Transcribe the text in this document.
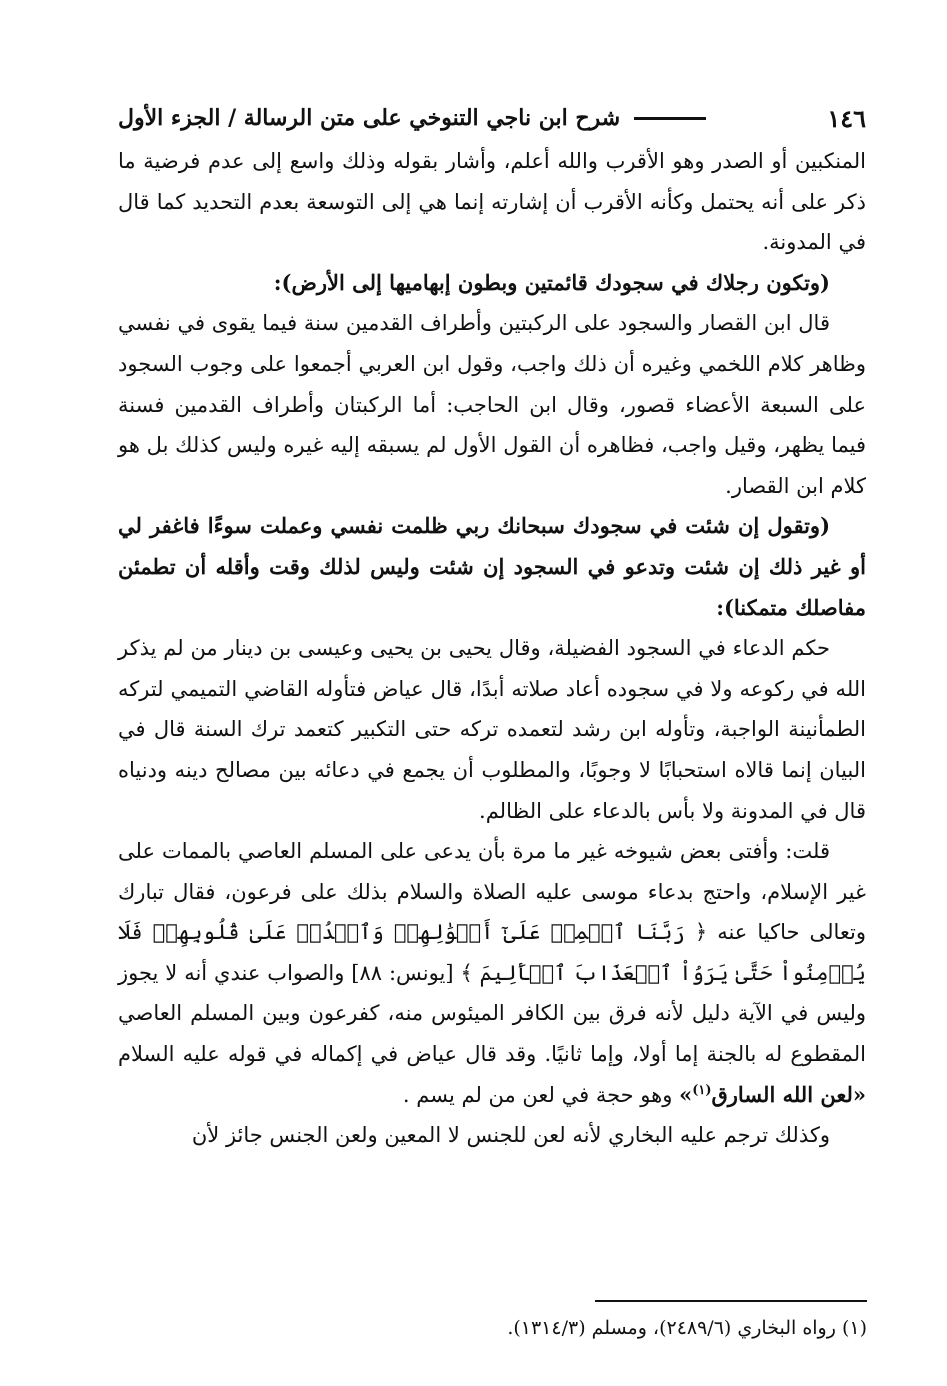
١٤٦
شرح ابن ناجي التنوخي على متن الرسالة / الجزء الأول

المنكبين أو الصدر وهو الأقرب والله أعلم، وأشار بقوله وذلك واسع إلى عدم فرضية ما ذكر على أنه يحتمل وكأنه الأقرب أن إشارته إنما هي إلى التوسعة بعدم التحديد كما قال في المدونة.

(وتكون رجلاك في سجودك قائمتين وبطون إبهاميها إلى الأرض):

قال ابن القصار والسجود على الركبتين وأطراف القدمين سنة فيما يقوى في نفسي وظاهر كلام اللخمي وغيره أن ذلك واجب، وقول ابن العربي أجمعوا على وجوب السجود على السبعة الأعضاء قصور، وقال ابن الحاجب: أما الركبتان وأطراف القدمين فسنة فيما يظهر، وقيل واجب، فظاهره أن القول الأول لم يسبقه إليه غيره وليس كذلك بل هو كلام ابن القصار.

(وتقول إن شئت في سجودك سبحانك ربي ظلمت نفسي وعملت سوءًا فاغفر لي أو غير ذلك إن شئت وتدعو في السجود إن شئت وليس لذلك وقت وأقله أن تطمئن مفاصلك متمكنا):

حكم الدعاء في السجود الفضيلة، وقال يحيى بن يحيى وعيسى بن دينار من لم يذكر الله في ركوعه ولا في سجوده أعاد صلاته أبدًا، قال عياض فتأوله القاضي التميمي لتركه الطمأنينة الواجبة، وتأوله ابن رشد لتعمده تركه حتى التكبير كتعمد ترك السنة قال في البيان إنما قالاه استحبابًا لا وجوبًا، والمطلوب أن يجمع في دعائه بين مصالح دينه ودنياه قال في المدونة ولا بأس بالدعاء على الظالم.

قلت: وأفتى بعض شيوخه غير ما مرة بأن يدعى على المسلم العاصي بالممات على غير الإسلام، واحتج بدعاء موسى عليه الصلاة والسلام بذلك على فرعون، فقال تبارك وتعالى حاكيا عنه ﴿ رَبَّنَا ٱطۡمِسۡ عَلَىٰٓ أَمۡوَٰلِهِمۡ وَٱشۡدُدۡ عَلَىٰ قُلُوبِهِمۡ فَلَا يُؤۡمِنُواْ حَتَّىٰ يَرَوُاْ ٱلۡعَذَابَ ٱلۡأَلِيمَ ﴾ [يونس: ٨٨] والصواب عندي أنه لا يجوز وليس في الآية دليل لأنه فرق بين الكافر الميئوس منه، كفرعون وبين المسلم العاصي المقطوع له بالجنة إما أولا، وإما ثانيًا. وقد قال عياض في إكماله في قوله عليه السلام «لعن الله السارق$^{(١)}$» وهو حجة في لعن من لم يسم .

وكذلك ترجم عليه البخاري لأنه لعن للجنس لا المعين ولعن الجنس جائز لأن

(١) رواه البخاري (٢٤٨٩/٦)، ومسلم (١٣١٤/٣).
